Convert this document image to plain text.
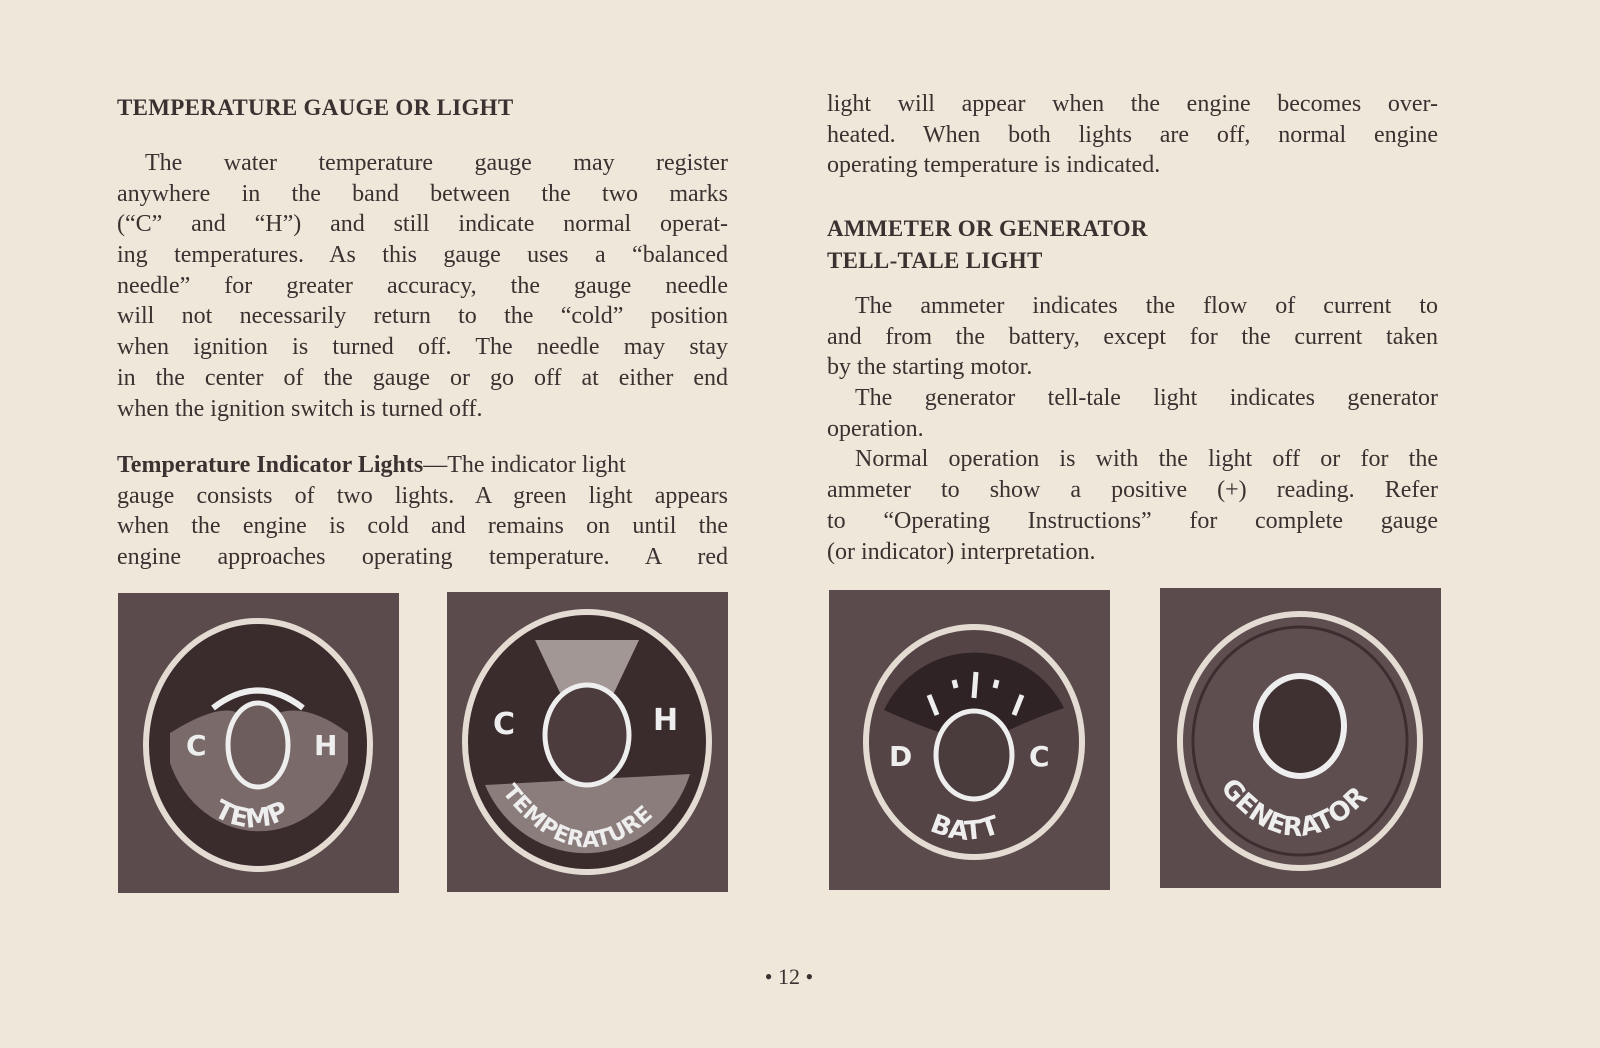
TEMPERATURE GAUGE OR LIGHT
The water temperature gauge may register
anywhere in the band between the two marks
(“C” and “H”) and still indicate normal operat-
ing temperatures. As this gauge uses a “balanced
needle” for greater accuracy, the gauge needle
will not necessarily return to the “cold” position
when ignition is turned off. The needle may stay
in the center of the gauge or go off at either end
when the ignition switch is turned off.
Temperature Indicator Lights—The indicator light
gauge consists of two lights. A green light appears
when the engine is cold and remains on until the
engine approaches operating temperature. A red
light will appear when the engine becomes over-
heated. When both lights are off, normal engine
operating temperature is indicated.
AMMETER OR GENERATOR
TELL-TALE LIGHT
The ammeter indicates the flow of current to
and from the battery, except for the current taken
by the starting motor.
The generator tell-tale light indicates generator
operation.
Normal operation is with the light off or for the
ammeter to show a positive (+) reading. Refer
to “Operating Instructions” for complete gauge
(or indicator) interpretation.
C	H
TEMP
C	H
TEMPERATURE
D	C
BATT
GENERATOR
• 12 •
